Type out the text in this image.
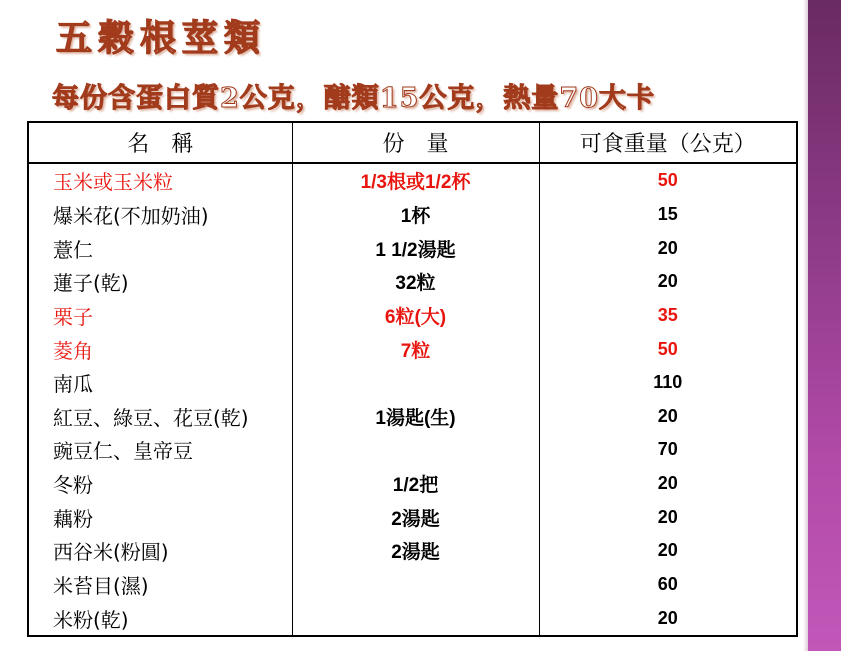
五穀根莖類
每份含蛋白質2公克，醣類15公克，熱量70大卡
名　稱	份　量	可食重量（公克）
玉米或玉米粒	1/3根或1/2杯	50
爆米花(不加奶油)	1杯	15
薏仁	1 1/2湯匙	20
蓮子(乾)	32粒	20
栗子	6粒(大)	35
菱角	7粒	50
南瓜		110
紅豆、綠豆、花豆(乾)	1湯匙(生)	20
豌豆仁、皇帝豆		70
冬粉	1/2把	20
藕粉	2湯匙	20
西谷米(粉圓)	2湯匙	20
米苔目(濕)		60
米粉(乾)		20
